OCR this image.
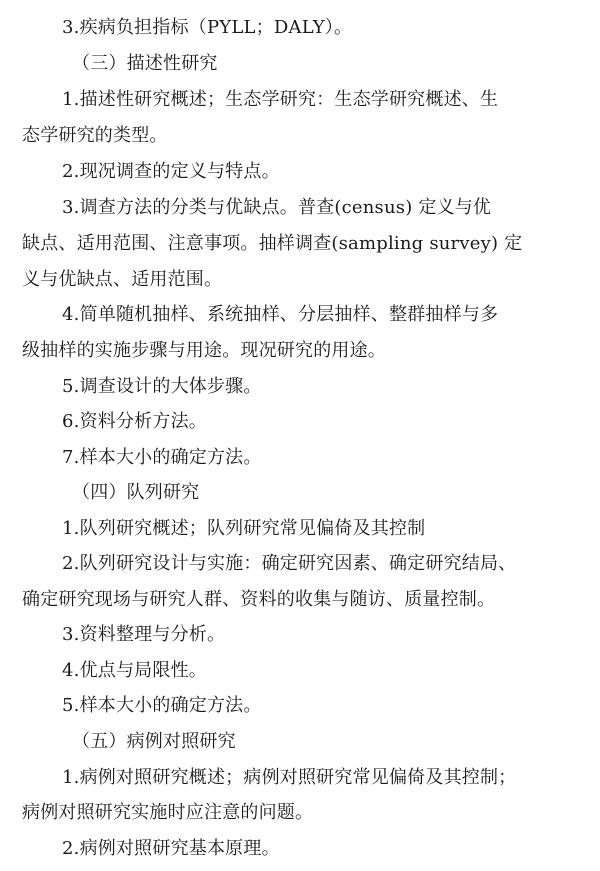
3.疾病负担指标（PYLL；DALY）。
（三）描述性研究
1.描述性研究概述；生态学研究：生态学研究概述、生
态学研究的类型。
2.现况调查的定义与特点。
3.调查方法的分类与优缺点。普查(census) 定义与优
缺点、适用范围、注意事项。抽样调查(sampling survey) 定
义与优缺点、适用范围。
4.简单随机抽样、系统抽样、分层抽样、整群抽样与多
级抽样的实施步骤与用途。现况研究的用途。
5.调查设计的大体步骤。
6.资料分析方法。
7.样本大小的确定方法。
（四）队列研究
1.队列研究概述；队列研究常见偏倚及其控制
2.队列研究设计与实施：确定研究因素、确定研究结局、
确定研究现场与研究人群、资料的收集与随访、质量控制。
3.资料整理与分析。
4.优点与局限性。
5.样本大小的确定方法。
（五）病例对照研究
1.病例对照研究概述；病例对照研究常见偏倚及其控制；
病例对照研究实施时应注意的问题。
2.病例对照研究基本原理。
